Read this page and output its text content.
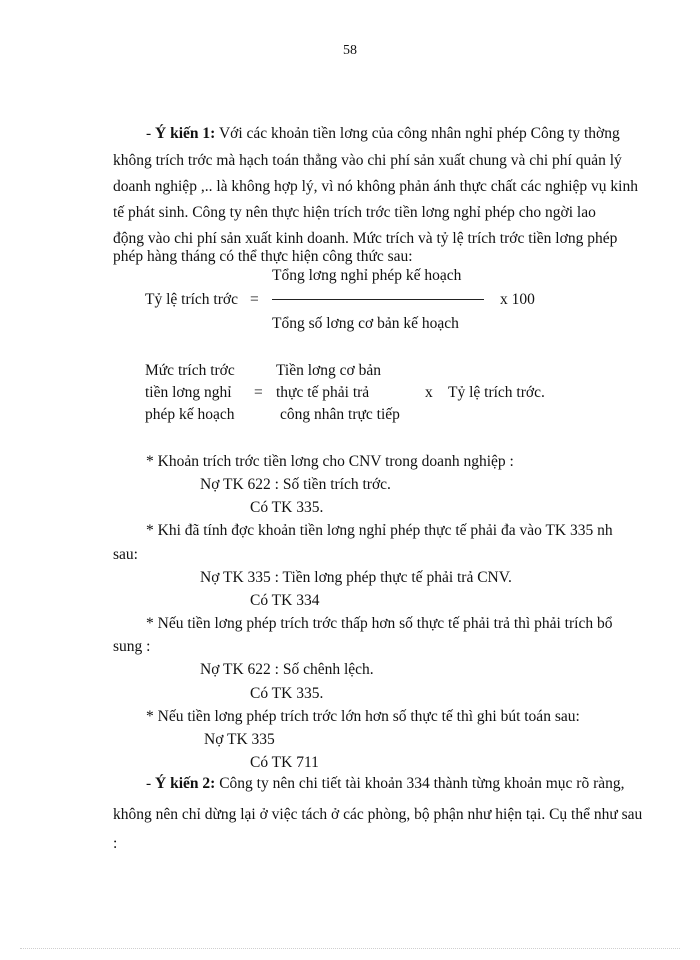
58
- Ý kiến 1: Với các khoản tiền lơng của công nhân nghỉ phép Công ty thờng
không trích trớc mà hạch toán thẳng vào chi phí sản xuất chung và chi phí quản lý
doanh nghiệp ,.. là không hợp lý, vì nó không phản ánh thực chất các nghiệp vụ kinh
tế phát sinh. Công ty nên thực hiện trích trớc tiền lơng nghỉ phép cho ngời lao
động vào chi phí sản xuất kinh doanh. Mức trích và tỷ lệ trích trớc tiền lơng phép
phép hàng tháng có thể thực hiện công thức sau:
Tổng lơng nghỉ phép kế hoạch
Tỷ lệ trích trớc =	x 100
Tổng số lơng cơ bản kế hoạch
Mức trích trớc
tiền lơng nghỉ
phép kế hoạch
=
Tiền lơng cơ bản
thực tế phải trả
công nhân trực tiếp
x Tỷ lệ trích trớc.
* Khoản trích trớc tiền lơng cho CNV trong doanh nghiệp :
Nợ TK 622 : Số tiền trích trớc.
Có TK 335.
* Khi đã tính đợc khoản tiền lơng nghỉ phép thực tế phải đa vào TK 335 nh
sau:
Nợ TK 335 : Tiền lơng phép thực tế phải trả CNV.
Có TK 334
* Nếu tiền lơng phép trích trớc thấp hơn số thực tế phải trả thì phải trích bổ
sung :
Nợ TK 622 : Số chênh lệch.
Có TK 335.
* Nếu tiền lơng phép trích trớc lớn hơn số thực tế thì ghi bút toán sau:
Nợ TK 335
Có TK 711
- Ý kiến 2: Công ty nên chi tiết tài khoản 334 thành từng khoản mục rõ ràng,
không nên chỉ dừng lại ở việc tách ở các phòng, bộ phận như hiện tại. Cụ thể như sau
:
